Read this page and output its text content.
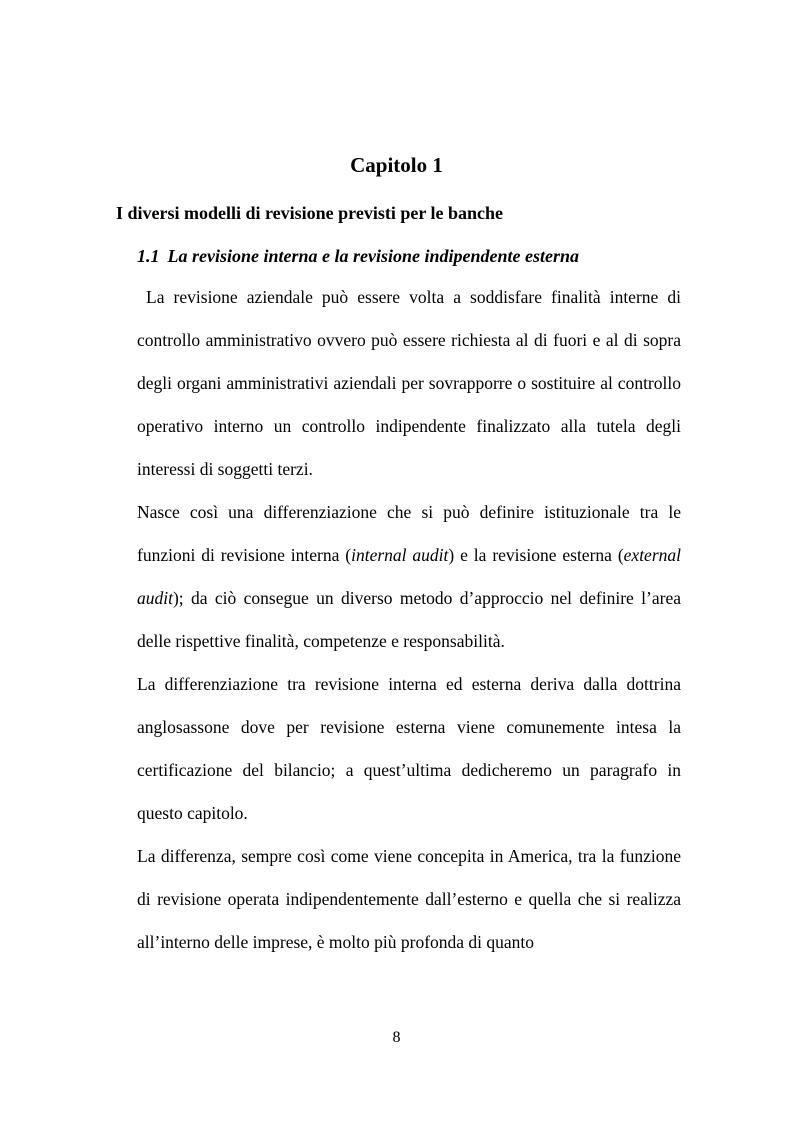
Capitolo 1
I diversi modelli di revisione previsti per le banche
1.1 La revisione interna e la revisione indipendente esterna

La revisione aziendale può essere volta a soddisfare finalità interne di controllo amministrativo ovvero può essere richiesta al di fuori e al di sopra degli organi amministrativi aziendali per sovrapporre o sostituire al controllo operativo interno un controllo indipendente finalizzato alla tutela degli interessi di soggetti terzi.

Nasce così una differenziazione che si può definire istituzionale tra le funzioni di revisione interna (internal audit) e la revisione esterna (external audit); da ciò consegue un diverso metodo d’approccio nel definire l’area delle rispettive finalità, competenze e responsabilità.

La differenziazione tra revisione interna ed esterna deriva dalla dottrina anglosassone dove per revisione esterna viene comunemente intesa la certificazione del bilancio; a quest’ultima dedicheremo un paragrafo in questo capitolo.

La differenza, sempre così come viene concepita in America, tra la funzione di revisione operata indipendentemente dall’esterno e quella che si realizza all’interno delle imprese, è molto più profonda di quanto

8
